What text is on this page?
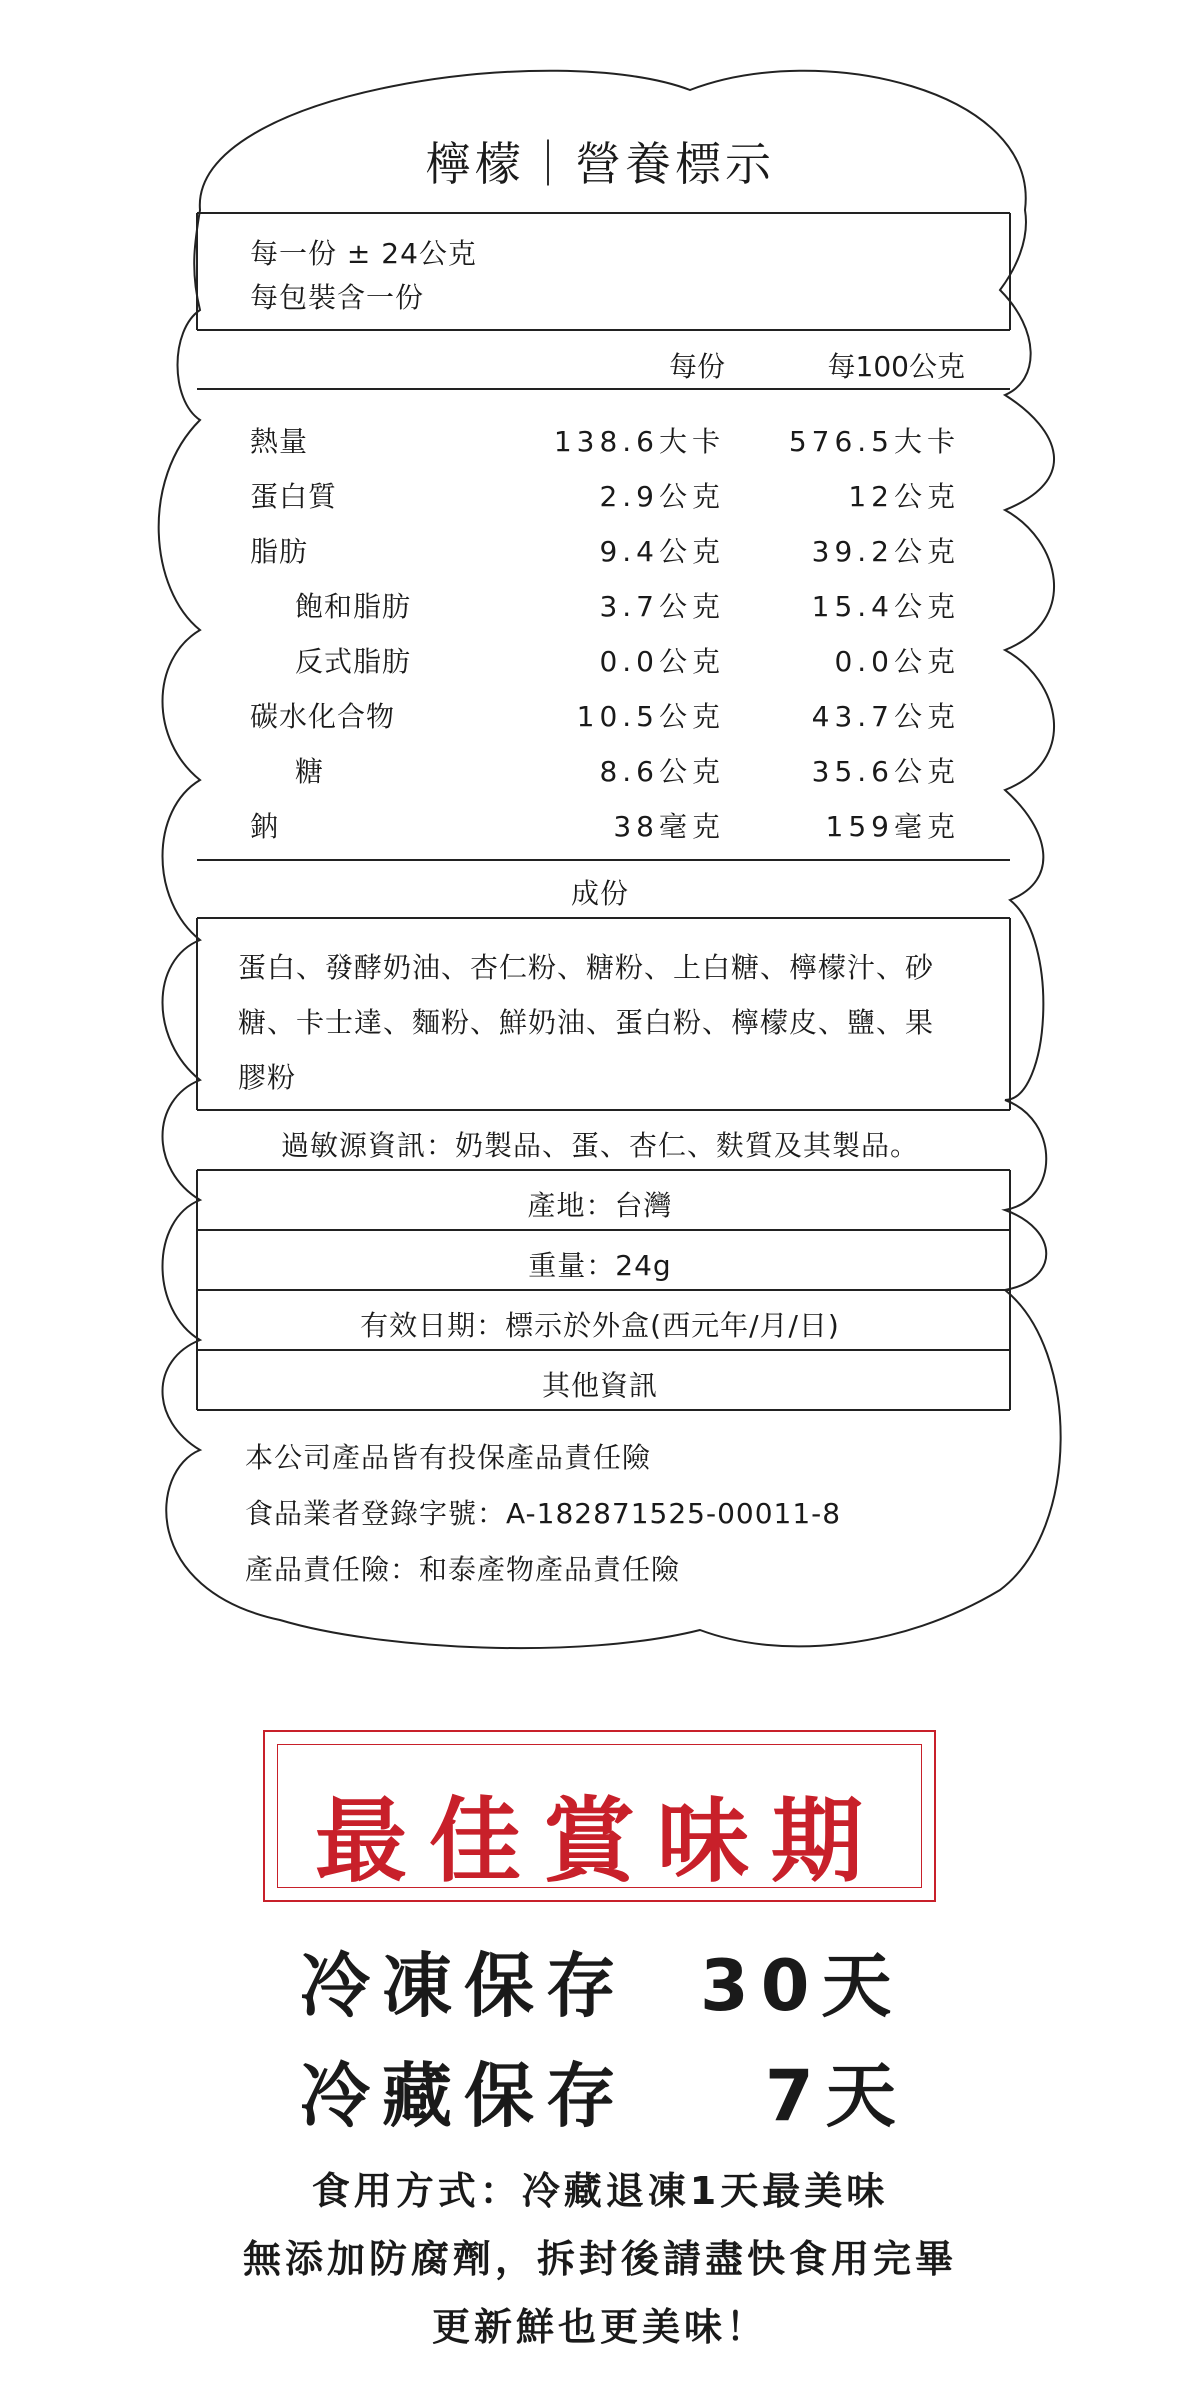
檸檬｜營養標示
每一份 ± 24公克
每包裝含一份
每份	每100公克
熱量	138.6大卡	576.5大卡
蛋白質	2.9公克	12公克
脂肪	9.4公克	39.2公克
飽和脂肪	3.7公克	15.4公克
反式脂肪	0.0公克	0.0公克
碳水化合物	10.5公克	43.7公克
糖	8.6公克	35.6公克
鈉	38毫克	159毫克
成份
蛋白、發酵奶油、杏仁粉、糖粉、上白糖、檸檬汁、砂
糖、卡士達、麵粉、鮮奶油、蛋白粉、檸檬皮、鹽、果
膠粉
過敏源資訊：奶製品、蛋、杏仁、麩質及其製品。
產地：台灣
重量：24g
有效日期：標示於外盒(西元年/月/日)
其他資訊
本公司產品皆有投保產品責任險
食品業者登錄字號：A-182871525-00011-8
產品責任險：和泰產物產品責任險
最佳賞味期
冷凍保存 30天
冷藏保存 7天
食用方式：冷藏退凍1天最美味
無添加防腐劑，拆封後請盡快食用完畢
更新鮮也更美味！
